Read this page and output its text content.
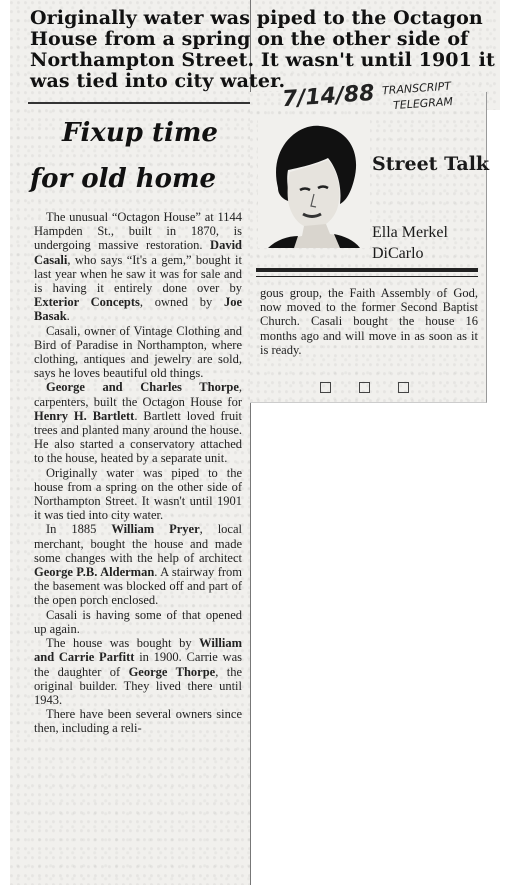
Originally water was piped to the Octagon House from a spring on the other side of Northampton Street. It wasn't until 1901 it was tied into city water.
7/14/88 TRANSCRIPT
TELEGRAM
Fixup time
for old home

The unusual “Octagon House” at 1144 Hampden St., built in 1870, is undergoing massive restoration. David Casali, who says “It's a gem,” bought it last year when he saw it was for sale and is having it entirely done over by Exterior Concepts, owned by Joe Basak.

Casali, owner of Vintage Clothing and Bird of Paradise in Northampton, where clothing, antiques and jewelry are sold, says he loves beautiful old things.

George and Charles Thorpe, carpenters, built the Octagon House for Henry H. Bartlett. Bartlett loved fruit trees and planted many around the house. He also started a conservatory attached to the house, heated by a separate unit.

Originally water was piped to the house from a spring on the other side of Northampton Street. It wasn't until 1901 it was tied into city water.

In 1885 William Pryer, local merchant, bought the house and made some changes with the help of architect George P.B. Alderman. A stairway from the basement was blocked off and part of the open porch enclosed.

Casali is having some of that opened up again.

The house was bought by William and Carrie Parfitt in 1900. Carrie was the daughter of George Thorpe, the original builder. They lived there until 1943.

There have been several owners since then, including a reli-

Street Talk
Ella Merkel
DiCarlo
gous group, the Faith Assembly of God, now moved to the former Second Baptist Church. Casali bought the house 16 months ago and will move in as soon as it is ready.
